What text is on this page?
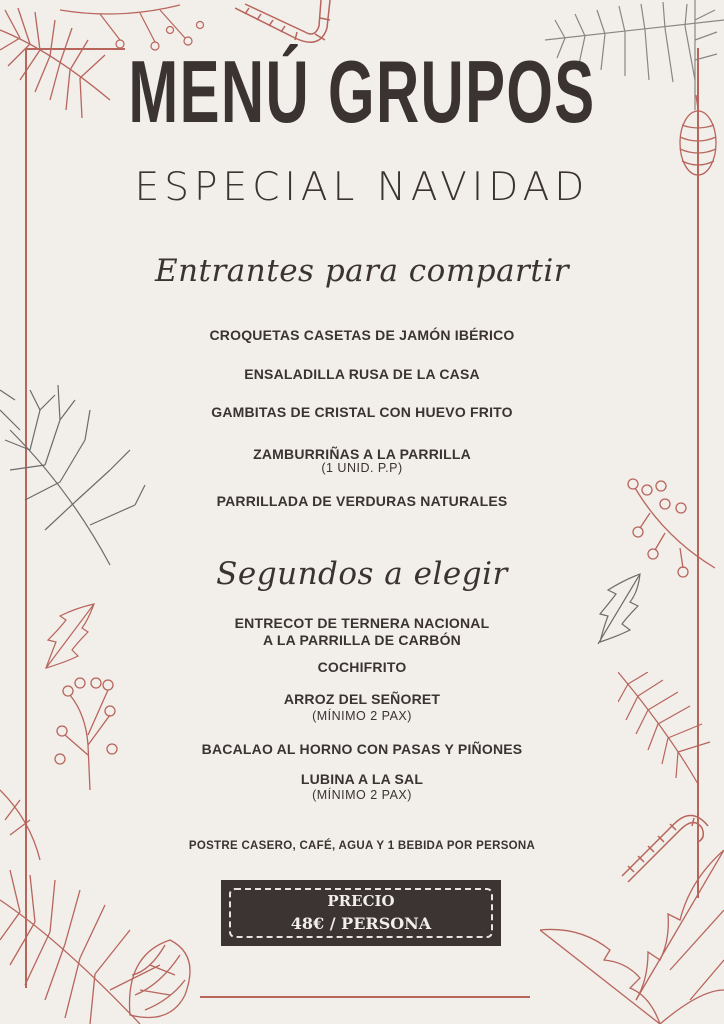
MENÚ GRUPOS
ESPECIAL NAVIDAD
Entrantes para compartir
CROQUETAS CASETAS DE JAMÓN IBÉRICO
ENSALADILLA RUSA DE LA CASA
GAMBITAS DE CRISTAL CON HUEVO FRITO
ZAMBURRIÑAS A LA PARRILLA
(1 UNID. P.P)
PARRILLADA DE VERDURAS NATURALES
Segundos a elegir
ENTRECOT DE TERNERA NACIONAL
A LA PARRILLA DE CARBÓN
COCHIFRITO
ARROZ DEL SEÑORET
(MÍNIMO 2 PAX)
BACALAO AL HORNO CON PASAS Y PIÑONES
LUBINA A LA SAL
(MÍNIMO 2 PAX)
POSTRE CASERO, CAFÉ, AGUA Y 1 BEBIDA POR PERSONA
PRECIO
48€ / PERSONA
